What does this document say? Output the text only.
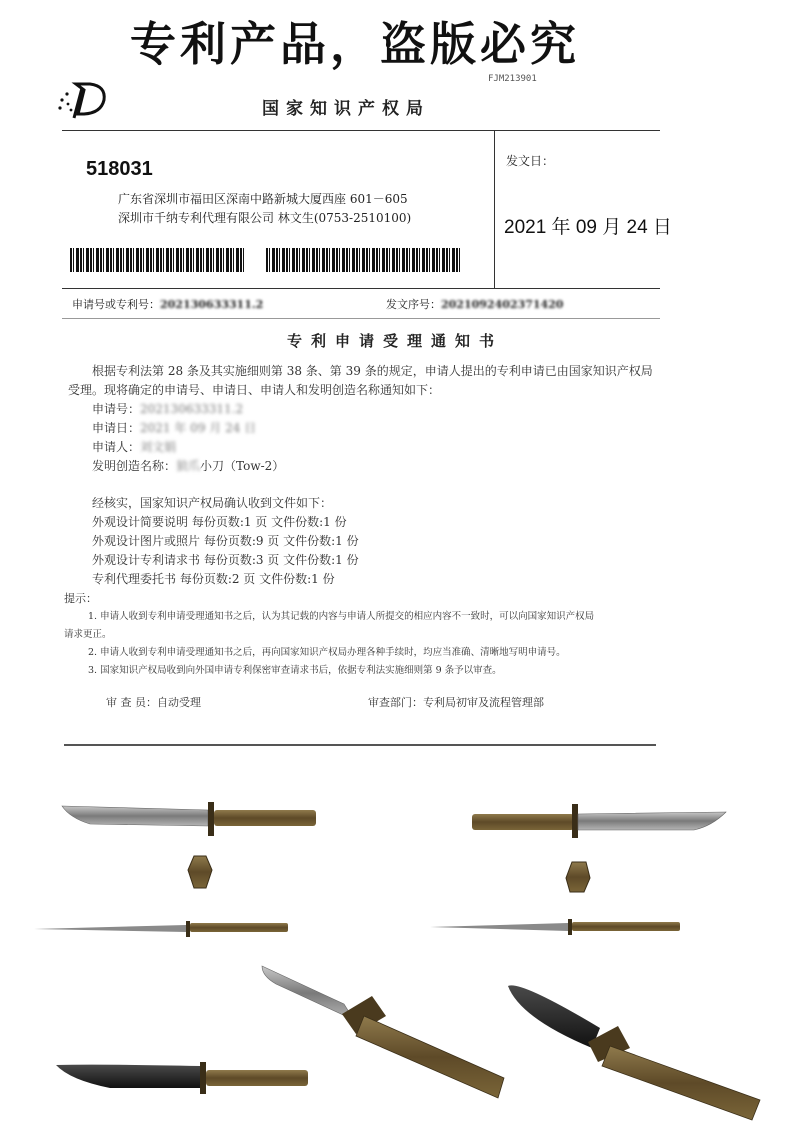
专利产品，盗版必究
FJM213901
国家知识产权局
518031
广东省深圳市福田区深南中路新城大厦西座 601－605
深圳市千纳专利代理有限公司 林文生(0753-2510100)
发文日：
2021 年 09 月 24 日
申请号或专利号：202130633311.2	发文序号：2021092402371420
专利申请受理通知书
根据专利法第 28 条及其实施细则第 38 条、第 39 条的规定，申请人提出的专利申请已由国家知识产权局
受理。现将确定的申请号、申请日、申请人和发明创造名称通知如下：
申请号：202130633311.2
申请日：2021 年 09 月 24 日
申请人：刘文娟
发明创造名称：狼爪小刀（Tow-2）
经核实，国家知识产权局确认收到文件如下：
外观设计简要说明 每份页数:1 页 文件份数:1 份
外观设计图片或照片 每份页数:9 页 文件份数:1 份
外观设计专利请求书 每份页数:3 页 文件份数:1 份
专利代理委托书 每份页数:2 页 文件份数:1 份
提示：
1. 申请人收到专利申请受理通知书之后，认为其记载的内容与申请人所提交的相应内容不一致时，可以向国家知识产权局
请求更正。
2. 申请人收到专利申请受理通知书之后，再向国家知识产权局办理各种手续时，均应当准确、清晰地写明申请号。
3. 国家知识产权局收到向外国申请专利保密审查请求书后，依据专利法实施细则第 9 条予以审查。
审 查 员：自动受理	审查部门：专利局初审及流程管理部
